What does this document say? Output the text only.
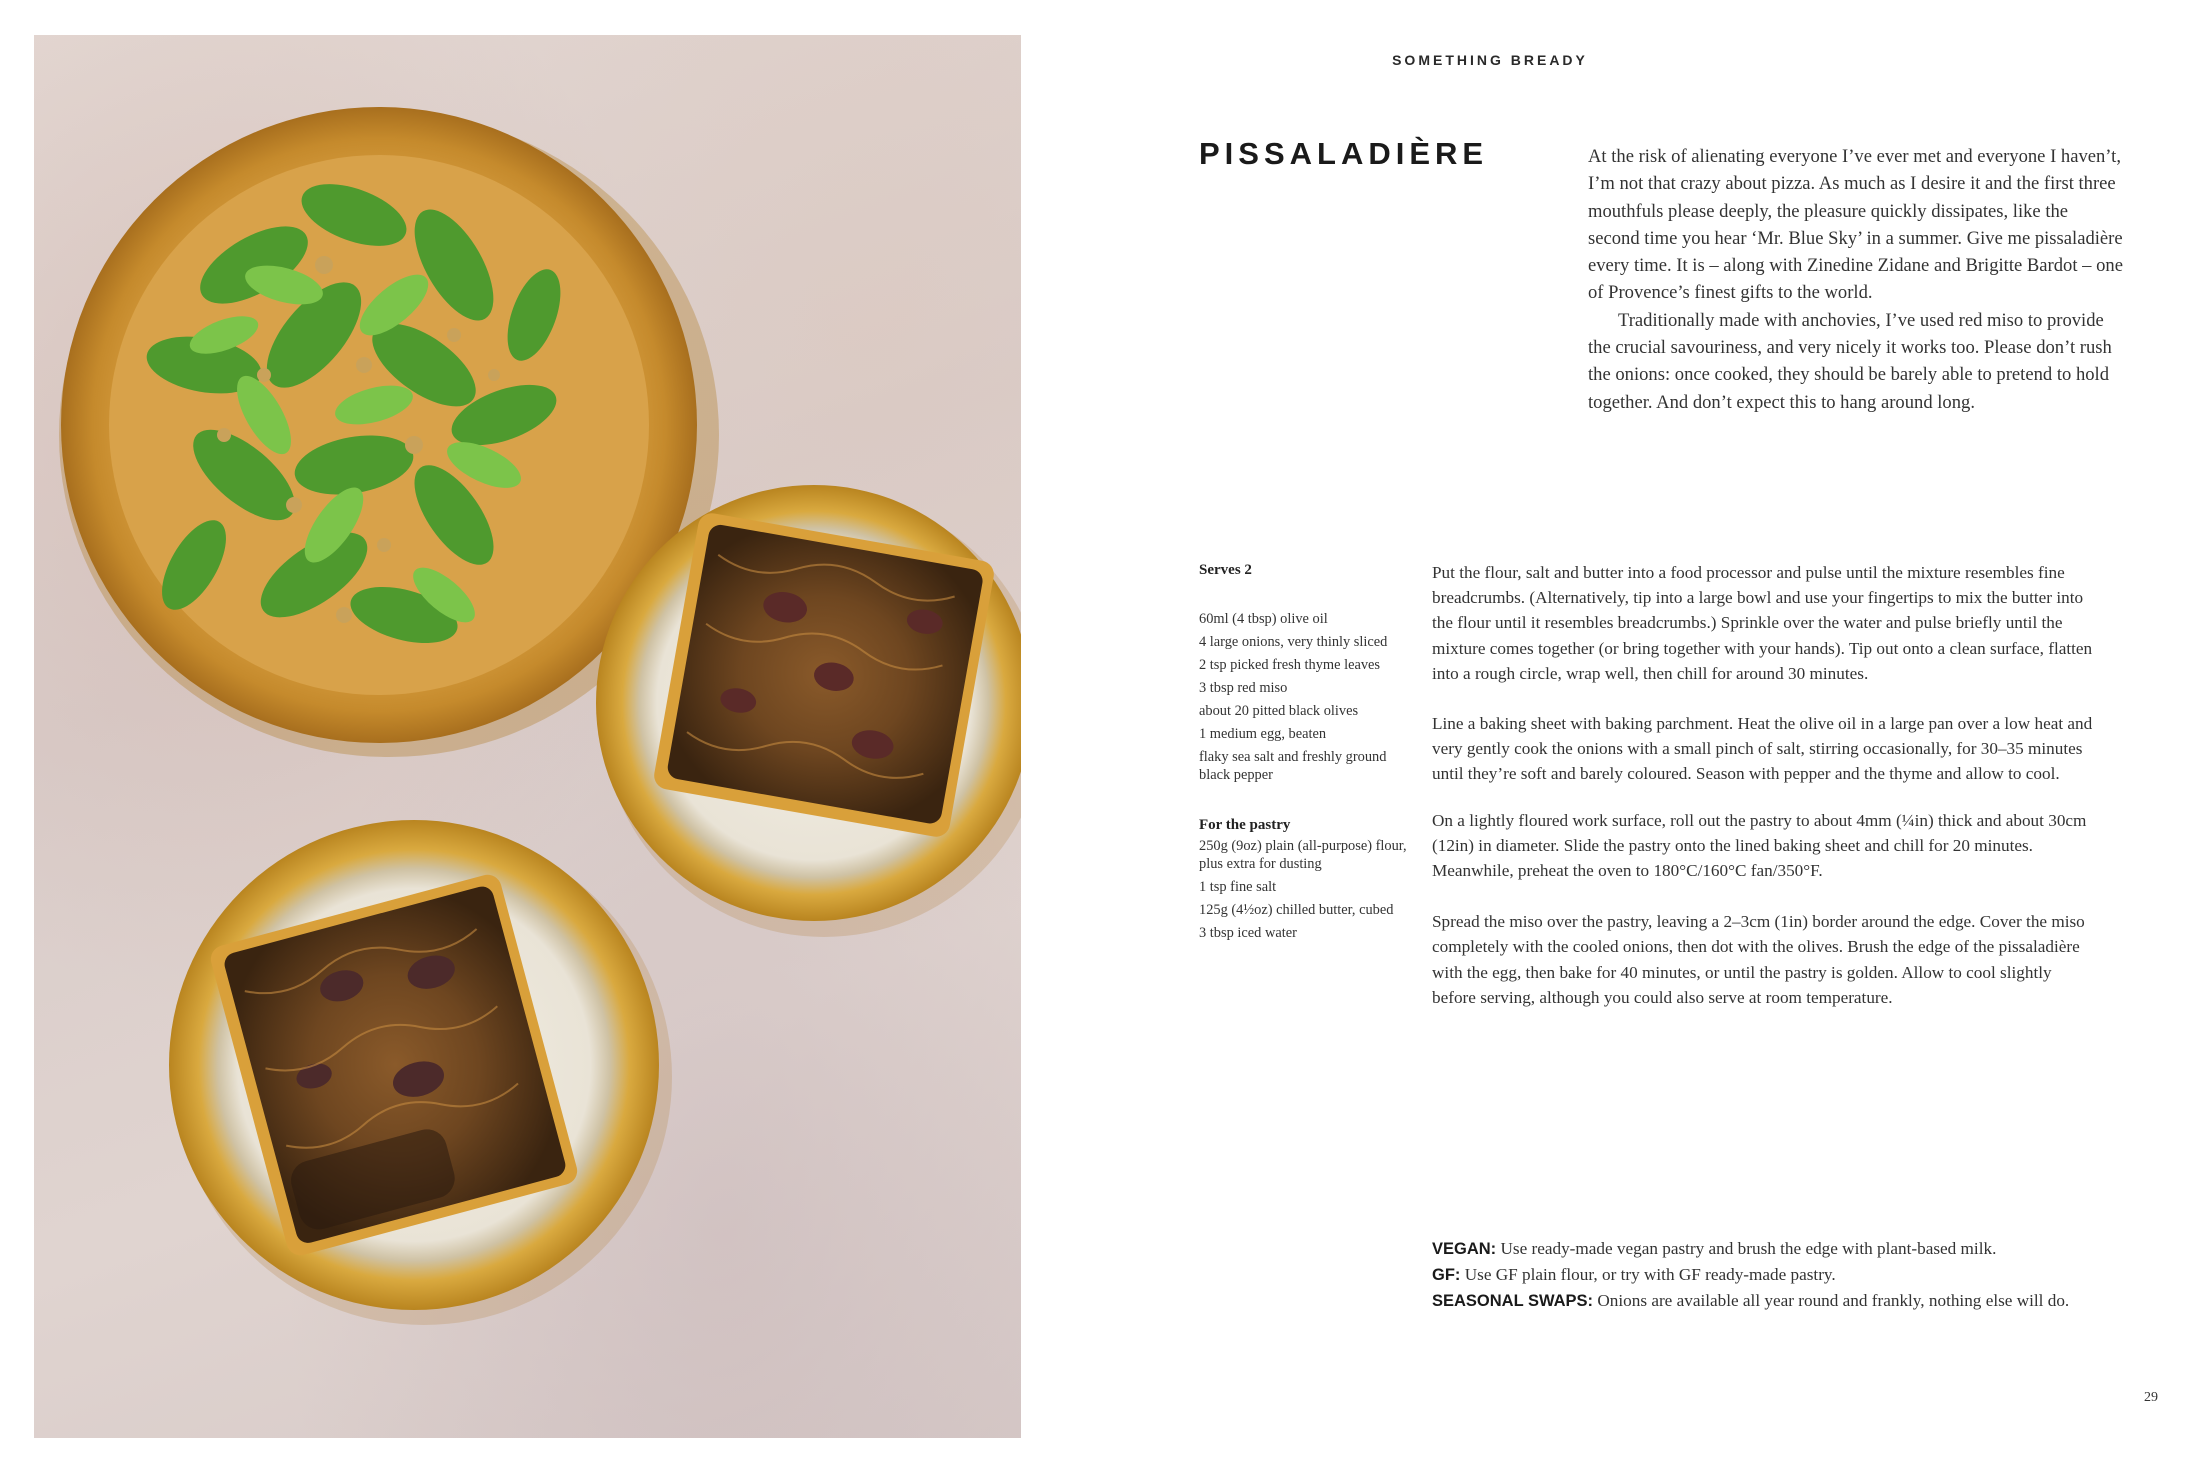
SOMETHING BREADY
PISSALADIÈRE	At the risk of alienating everyone I’ve ever met and everyone I haven’t, I’m not that crazy about pizza. As much as I desire it and the first three mouthfuls please deeply, the pleasure quickly dissipates, like the second time you hear ‘Mr. Blue Sky’ in a summer. Give me pissaladière every time. It is – along with Zinedine Zidane and Brigitte Bardot – one of Provence’s finest gifts to the world.

Traditionally made with anchovies, I’ve used red miso to provide the crucial savouriness, and very nicely it works too. Please don’t rush the onions: once cooked, they should be barely able to pretend to hold together. And don’t expect this to hang around long.

Serves 2
60ml (4 tbsp) olive oil
4 large onions, very thinly sliced
2 tsp picked fresh thyme leaves
3 tbsp red miso
about 20 pitted black olives
1 medium egg, beaten
flaky sea salt and freshly ground black pepper
For the pastry
250g (9oz) plain (all-purpose) flour, plus extra for dusting
1 tsp fine salt
125g (4½oz) chilled butter, cubed
3 tbsp iced water

Put the flour, salt and butter into a food processor and pulse until the mixture resembles fine breadcrumbs. (Alternatively, tip into a large bowl and use your fingertips to mix the butter into the flour until it resembles breadcrumbs.) Sprinkle over the water and pulse briefly until the mixture comes together (or bring together with your hands). Tip out onto a clean surface, flatten into a rough circle, wrap well, then chill for around 30 minutes.

Line a baking sheet with baking parchment. Heat the olive oil in a large pan over a low heat and very gently cook the onions with a small pinch of salt, stirring occasionally, for 30–35 minutes until they’re soft and barely coloured. Season with pepper and the thyme and allow to cool.

On a lightly floured work surface, roll out the pastry to about 4mm (¼in) thick and about 30cm (12in) in diameter. Slide the pastry onto the lined baking sheet and chill for 20 minutes. Meanwhile, preheat the oven to 180°C/160°C fan/350°F.

Spread the miso over the pastry, leaving a 2–3cm (1in) border around the edge. Cover the miso completely with the cooled onions, then dot with the olives. Brush the edge of the pissaladière with the egg, then bake for 40 minutes, or until the pastry is golden. Allow to cool slightly before serving, although you could also serve at room temperature.

VEGAN: Use ready-made vegan pastry and brush the edge with plant-based milk.

GF: Use GF plain flour, or try with GF ready-made pastry.

SEASONAL SWAPS: Onions are available all year round and frankly, nothing else will do.

29
